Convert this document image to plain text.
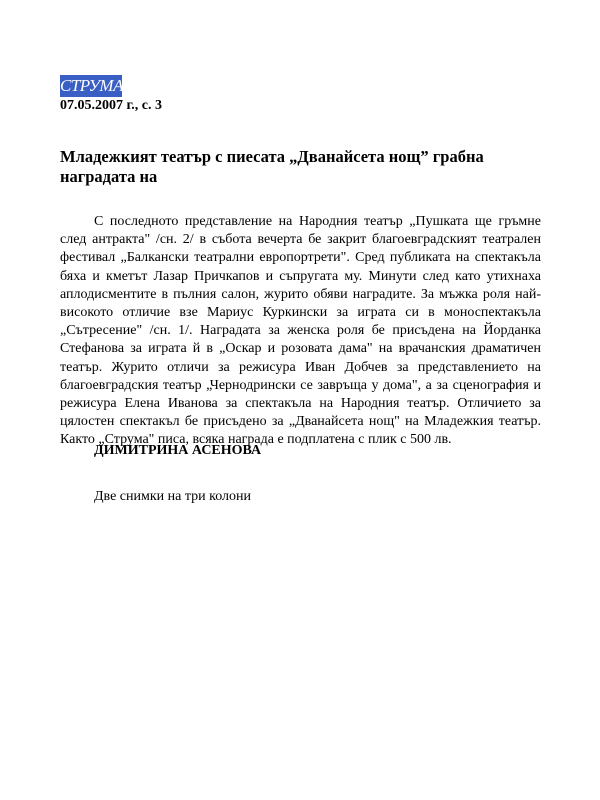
СТРУМА
07.05.2007 г., с. 3
Младежкият театър с пиесата „Дванайсета нощ” грабна наградата на

С последното представление на Народния театър „Пушката ще гръмне след антракта" /сн. 2/ в събота вечерта бе закрит благоевградският театрален фестивал „Балкански театрални европортрети". Сред публиката на спектакъла бяха и кметът Лазар Причкапов и съпругата му. Минути след като утихнаха аплодисментите в пълния салон, журито обяви наградите. За мъжка роля най-високото отличие взе Мариус Куркински за играта си в моноспектакъла „Сътресение" /сн. 1/. Наградата за женска роля бе присъдена на Йорданка Стефанова за играта й в „Оскар и розовата дама" на врачанския драматичен театър. Журито отличи за режисура Иван Добчев за представлението на благоевградския театър „Чернодрински се завръща у дома", а за сценография и режисура Елена Иванова за спектакъла на Народния театър. Отличието за цялостен спектакъл бе присъдено за „Дванайсета нощ" на Младежкия театър. Както „Струма" писа, всяка награда е подплатена с плик с 500 лв.

ДИМИТРИНА АСЕНОВА
Две снимки на три колони
